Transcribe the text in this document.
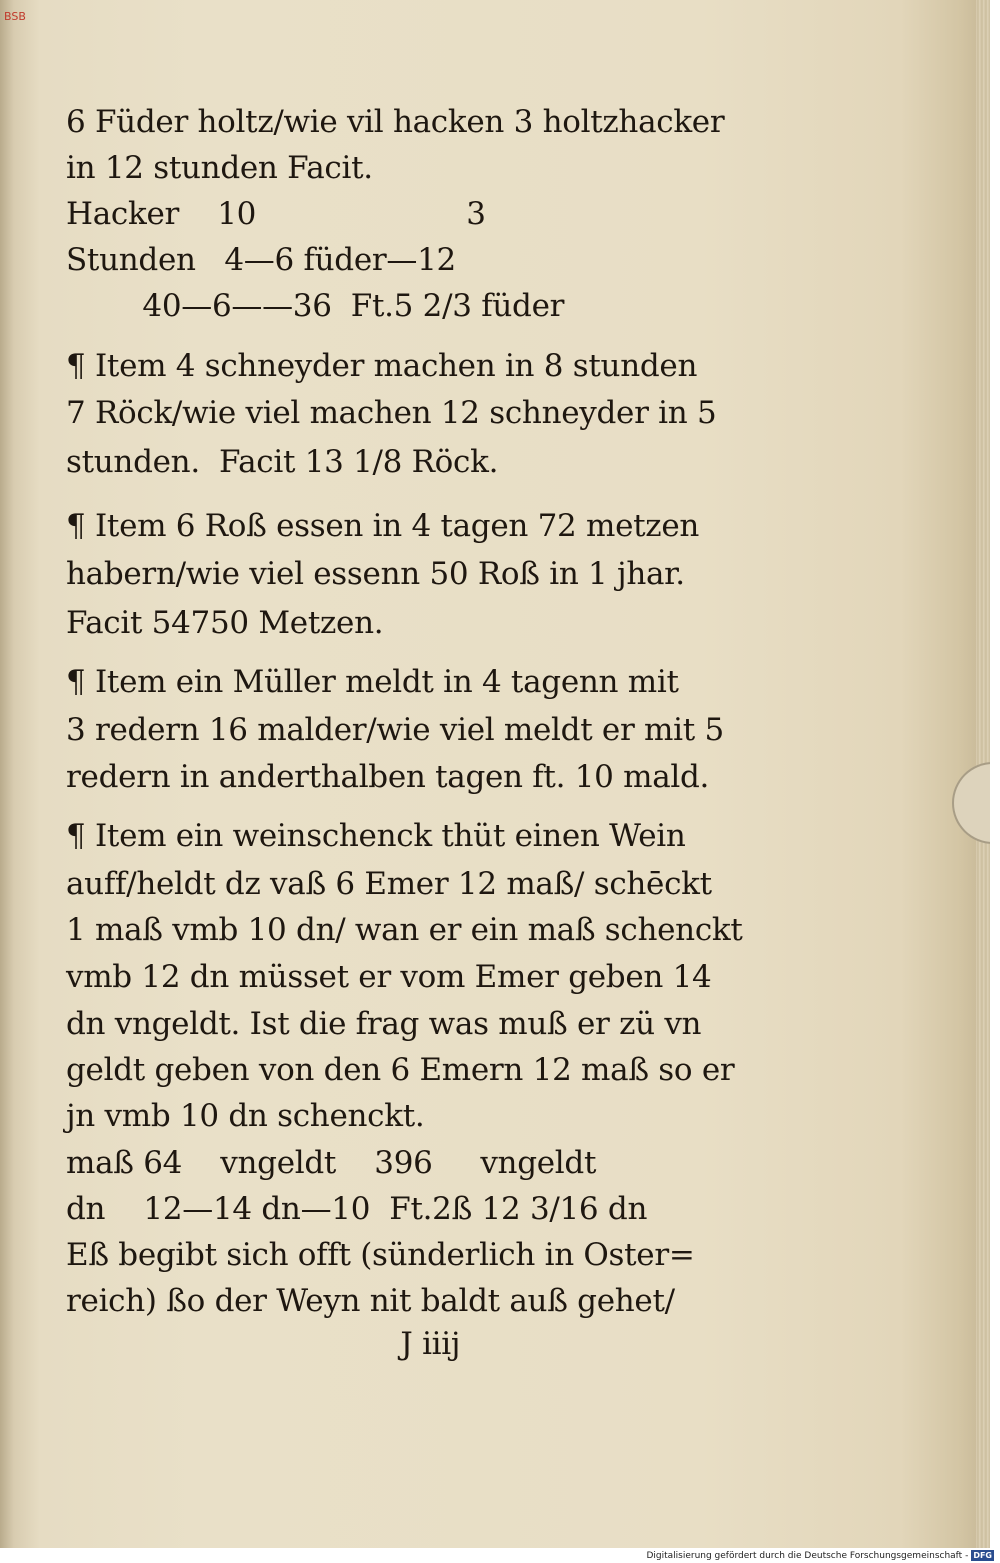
BSB
6 Füder holtz/wie vil hacken 3 holtzhacker
in 12 stunden Facit.
Hacker    10                      3
Stunden   4—6 füder—12
40—6——36  Ft.5 2/3 füder
¶ Item 4 schneyder machen in 8 stunden
7 Röck/wie viel machen 12 schneyder in 5
stunden.  Facit 13 1/8 Röck.
¶ Item 6 Roß essen in 4 tagen 72 metzen
habern/wie viel essenn 50 Roß in 1 jhar.
Facit 54750 Metzen.
¶ Item ein Müller meldt in 4 tagenn mit
3 redern 16 malder/wie viel meldt er mit 5
redern in anderthalben tagen ft. 10 mald.
¶ Item ein weinschenck thüt einen Wein
auff/heldt dz vaß 6 Emer 12 maß/ schēckt
1 maß vmb 10 dn/ wan er ein maß schenckt
vmb 12 dn müsset er vom Emer geben 14
dn vngeldt. Ist die frag was muß er zü vn
geldt geben von den 6 Emern 12 maß so er
jn vmb 10 dn schenckt.
maß 64    vngeldt    396     vngeldt
dn    12—14 dn—10  Ft.2ß 12 3/16 dn
Eß begibt sich offt (sünderlich in Oster=
reich) ßo der Weyn nit baldt auß gehet/
J iiij
Digitalisierung gefördert durch die Deutsche Forschungsgemeinschaft - DFG
